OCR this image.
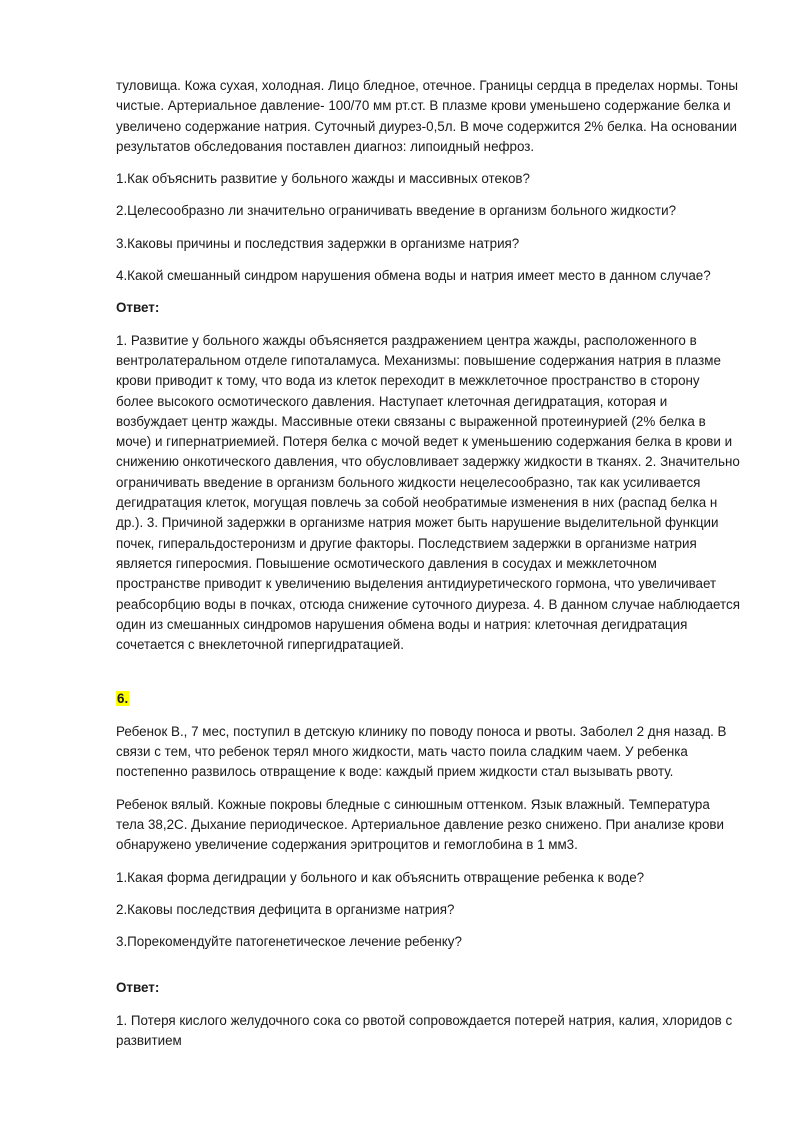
туловища. Кожа сухая, холодная. Лицо бледное, отечное. Границы сердца в пределах нормы. Тоны чистые. Артериальное давление- 100/70 мм рт.ст. В плазме крови уменьшено содержание белка и увеличено содержание натрия. Суточный диурез-0,5л. В моче содержится 2% белка. На основании результатов обследования поставлен диагноз: липоидный нефроз.

1.Как объяснить развитие у больного жажды и массивных отеков?

2.Целесообразно ли значительно ограничивать введение в организм больного жидкости?

3.Каковы причины и последствия задержки в организме натрия?

4.Какой смешанный синдром нарушения обмена воды и натрия имеет место в данном случае?

Ответ:

1. Развитие у больного жажды объясняется раздражением центра жажды, расположенного в вентролатеральном отделе гипоталамуса. Механизмы: повышение содержания натрия в плазме крови приводит к тому, что вода из клеток переходит в межклеточное пространство в сторону более высокого осмотического давления. Наступает клеточная дегидратация, которая и возбуждает центр жажды. Массивные отеки связаны с выраженной протеинурией (2% белка в моче) и гипернатриемией. Потеря белка с мочой ведет к уменьшению содержания белка в крови и снижению онкотического давления, что обусловливает задержку жидкости в тканях. 2. Значительно ограничивать введение в организм больного жидкости нецелесообразно, так как усиливается дегидратация клеток, могущая повлечь за собой необратимые изменения в них (распад белка н др.). 3. Причиной задержки в организме натрия может быть нарушение выделительной функции почек, гиперальдостеронизм и другие факторы. Последствием задержки в организме натрия является гиперосмия. Повышение осмотического давления в сосудах и межклеточном пространстве приводит к увеличению выделения антидиуретического гормона, что увеличивает реабсорбцию воды в почках, отсюда снижение суточного диуреза. 4. В данном случае наблюдается один из смешанных синдромов нарушения обмена воды и натрия: клеточная дегидратация сочетается с внеклеточной гипергидратацией.

6.

Ребенок В., 7 мес, поступил в детскую клинику по поводу поноса и рвоты. Заболел 2 дня назад. В связи с тем, что ребенок терял много жидкости, мать часто поила сладким чаем. У ребенка постепенно развилось отвращение к воде: каждый прием жидкости стал вызывать рвоту.

Ребенок вялый. Кожные покровы бледные с синюшным оттенком. Язык влажный. Температура тела 38,2С. Дыхание периодическое. Артериальное давление резко снижено. При анализе крови обнаружено увеличение содержания эритроцитов и гемоглобина в 1 мм3.

1.Какая форма дегидрации у больного и как объяснить отвращение ребенка к воде?

2.Каковы последствия дефицита в организме натрия?

3.Порекомендуйте патогенетическое лечение ребенку?

Ответ:

1. Потеря кислого желудочного сока со рвотой сопровождается потерей натрия, калия, хлоридов с развитием
